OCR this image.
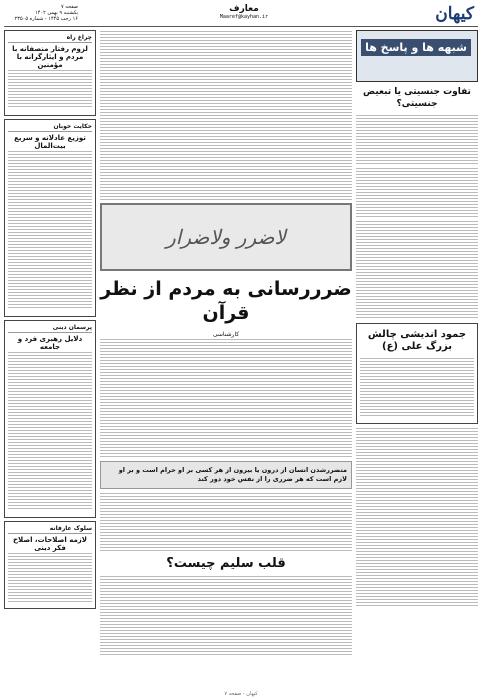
کیهان
معارف
Maaref@kayhan.ir
صفحه ۷
یکشنبه ۹ بهمن ۱۴۰۲
۱۶ رجب ۱۴۴۵ - شماره ۲۳۵۰۵
شبهه ها و پاسخ ها
تفاوت جنسیتی یا تبعیض جنسیتی؟
جمود اندیشی چالش بزرگ علی (ع)
لاضرر ولاضرار
ضرررسانی به مردم از نظر قرآن
کارشناسی
متضررشدن انسان از درون یا بیرون از هر کسی بر او حرام است و بر او لازم است که هر ضرری را از نفس خود دور کند
قلب سلیم چیست؟
چراغ راه
لزوم رفتار منصفانه با مردم و ایثارگرانه با مؤمنین
حکایت خوبان
توزیع عادلانه و سریع بیت‌المال
پرسمان دینی
دلایل رهبری فرد و جامعه
سلوک عارفانه
لازمه اصلاحات، اصلاح فکر دینی
کیهان - صفحه ۷
